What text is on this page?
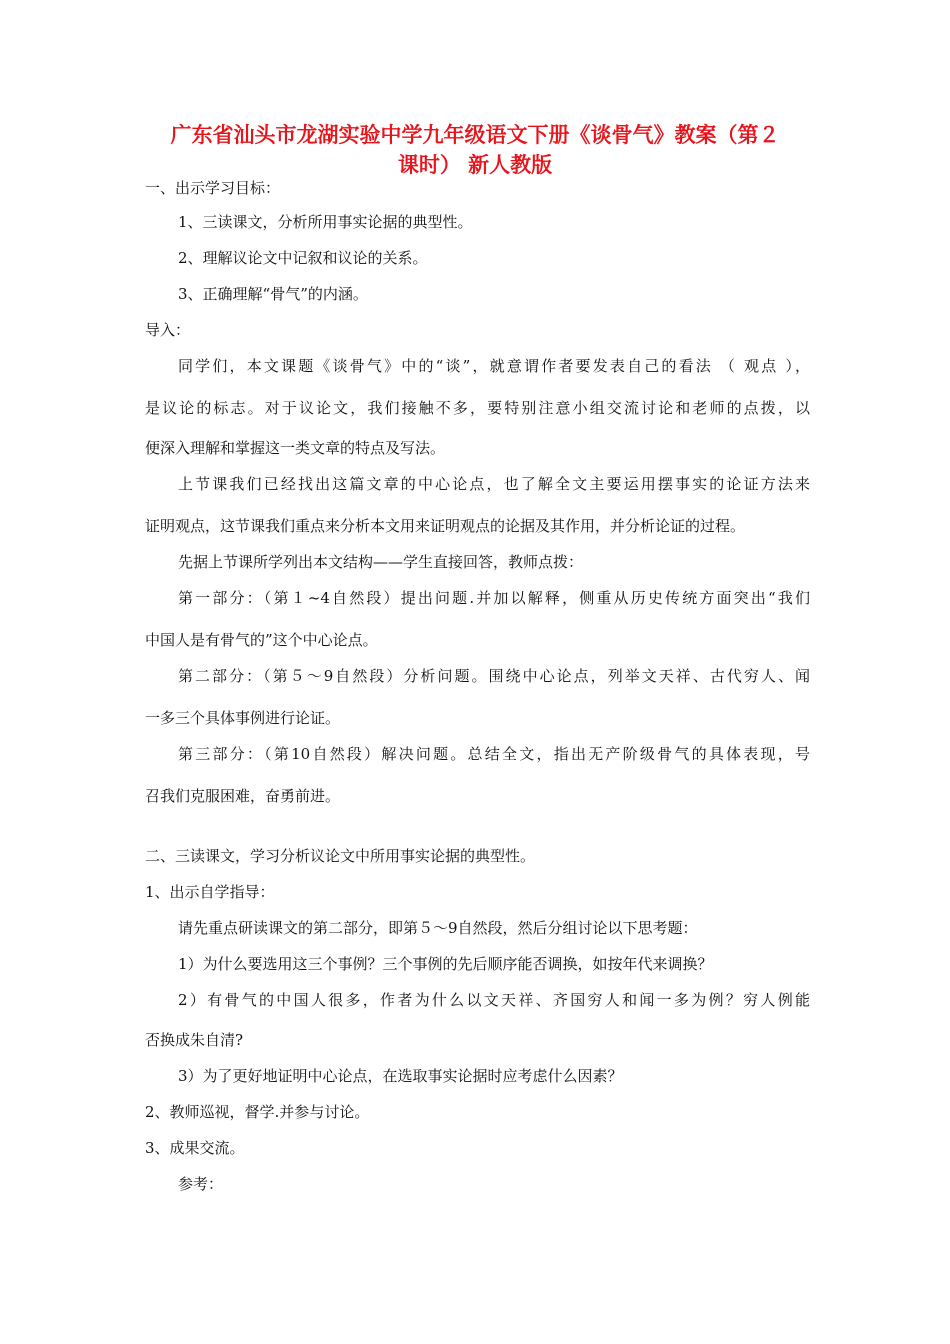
广东省汕头市龙湖实验中学九年级语文下册《谈骨气》教案（第２
课时） 新人教版
一、出示学习目标：
1、三读课文，分析所用事实论据的典型性。
2、理解议论文中记叙和议论的关系。
3、正确理解“骨气”的内涵。
导入：
同学们，本文课题《谈骨气》中的“谈”，就意谓作者要发表自己的看法 （ 观点 ），
是议论的标志。对于议论文，我们接触不多，要特别注意小组交流讨论和老师的点拨，以
便深入理解和掌握这一类文章的特点及写法。
上节课我们已经找出这篇文章的中心论点，也了解全文主要运用摆事实的论证方法来
证明观点，这节课我们重点来分析本文用来证明观点的论据及其作用，并分析论证的过程。
先据上节课所学列出本文结构——学生直接回答，教师点拨：
第一部分：（第１~4自然段）提出问题.并加以解释，侧重从历史传统方面突出“我们
中国人是有骨气的”这个中心论点。
第二部分：（第５～9自然段）分析问题。围绕中心论点，列举文天祥、古代穷人、闻
一多三个具体事例进行论证。
第三部分：（第10自然段）解决问题。总结全文，指出无产阶级骨气的具体表现，号
召我们克服困难，奋勇前进。
二、三读课文，学习分析议论文中所用事实论据的典型性。
1、出示自学指导：
请先重点研读课文的第二部分，即第５～9自然段，然后分组讨论以下思考题：
1）为什么要选用这三个事例？三个事例的先后顺序能否调换，如按年代来调换？
2）有骨气的中国人很多，作者为什么以文天祥、齐国穷人和闻一多为例？穷人例能
否换成朱自清?
3）为了更好地证明中心论点，在选取事实论据时应考虑什么因素？
2、教师巡视，督学.并参与讨论。
3、成果交流。
参考：
